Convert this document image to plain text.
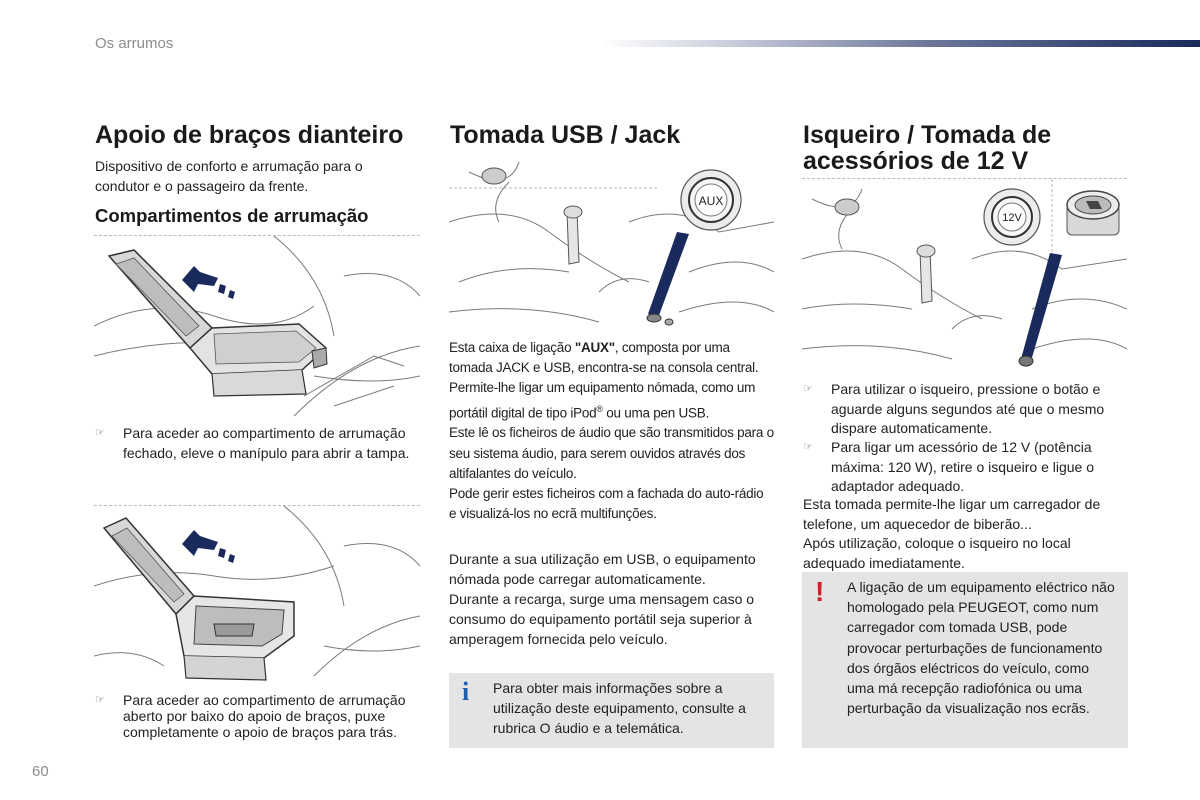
Os arrumos
Apoio de braços dianteiro
Dispositivo de conforto e arrumação para o condutor e o passageiro da frente.
Compartimentos de arrumação
☞	Para aceder ao compartimento de arrumação fechado, eleve o manípulo para abrir a tampa.
☞	Para aceder ao compartimento de arrumação aberto por baixo do apoio de braços, puxe completamente o apoio de braços para trás.
Tomada USB / Jack
AUX
Esta caixa de ligação "AUX", composta por uma tomada JACK e USB, encontra-se na consola central.
Permite-lhe ligar um equipamento nómada, como um portátil digital de tipo iPod® ou uma pen USB.
Este lê os ficheiros de áudio que são transmitidos para o seu sistema áudio, para serem ouvidos através dos altifalantes do veículo.
Pode gerir estes ficheiros com a fachada do auto-rádio e visualizá-los no ecrã multifunções.
Durante a sua utilização em USB, o equipamento nómada pode carregar automaticamente.
Durante a recarga, surge uma mensagem caso o consumo do equipamento portátil seja superior à amperagem fornecida pelo veículo.
i Para obter mais informações sobre a utilização deste equipamento, consulte a rubrica O áudio e a telemática.
Isqueiro / Tomada de
acessórios de 12 V
12V
☞	Para utilizar o isqueiro, pressione o botão e aguarde alguns segundos até que o mesmo dispare automaticamente.
☞	Para ligar um acessório de 12 V (potência máxima: 120 W), retire o isqueiro e ligue o adaptador adequado.
Esta tomada permite-lhe ligar um carregador de telefone, um aquecedor de biberão...
Após utilização, coloque o isqueiro no local adequado imediatamente.
! A ligação de um equipamento eléctrico não homologado pela PEUGEOT, como num carregador com tomada USB, pode provocar perturbações de funcionamento dos órgãos eléctricos do veículo, como uma má recepção radiofónica ou uma perturbação da visualização nos ecrãs.
60
